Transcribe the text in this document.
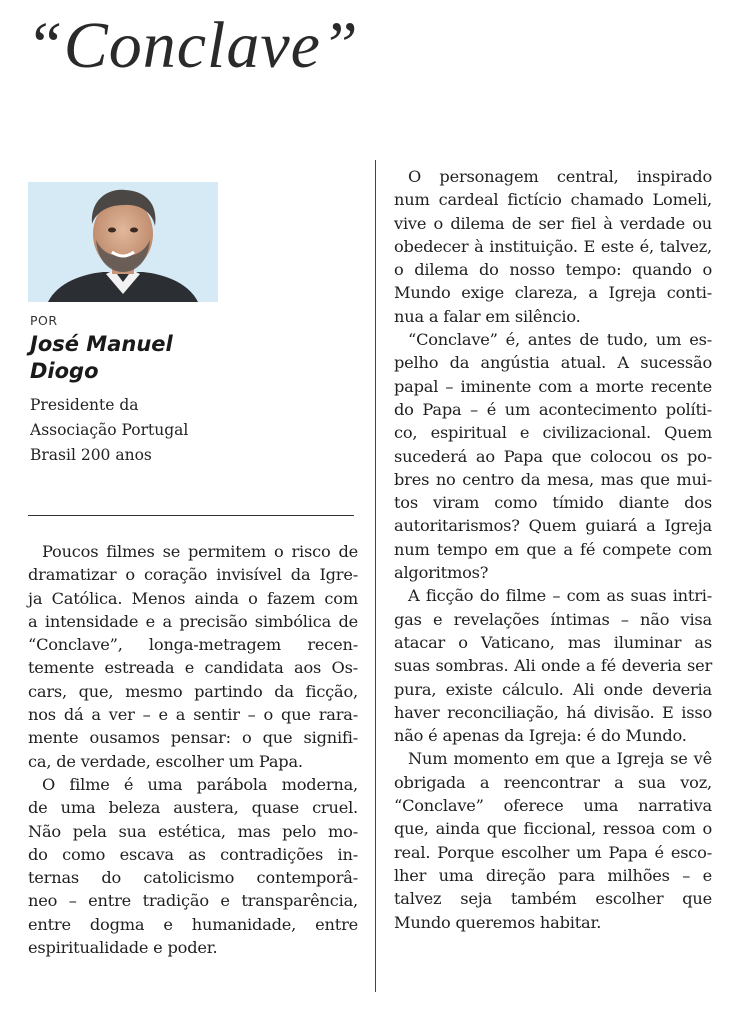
“Conclave”

POR

José Manuel
Diogo

Presidente da
Associação Portugal
Brasil 200 anos

Poucos filmes se permitem o risco de
dramatizar o coração invisível da Igre-
ja Católica. Menos ainda o fazem com
a intensidade e a precisão simbólica de
“Conclave”, longa-metragem recen-
temente estreada e candidata aos Os-
cars, que, mesmo partindo da ficção,
nos dá a ver – e a sentir – o que rara-
mente ousamos pensar: o que signifi-
ca, de verdade, escolher um Papa.
O filme é uma parábola moderna,
de uma beleza austera, quase cruel.
Não pela sua estética, mas pelo mo-
do como escava as contradições in-
ternas do catolicismo contemporâ-
neo – entre tradição e transparência,
entre dogma e humanidade, entre
espiritualidade e poder.
O personagem central, inspirado
num cardeal fictício chamado Lomeli,
vive o dilema de ser fiel à verdade ou
obedecer à instituição. E este é, talvez,
o dilema do nosso tempo: quando o
Mundo exige clareza, a Igreja conti-
nua a falar em silêncio.
“Conclave” é, antes de tudo, um es-
pelho da angústia atual. A sucessão
papal – iminente com a morte recente
do Papa – é um acontecimento políti-
co, espiritual e civilizacional. Quem
sucederá ao Papa que colocou os po-
bres no centro da mesa, mas que mui-
tos viram como tímido diante dos
autoritarismos? Quem guiará a Igreja
num tempo em que a fé compete com
algoritmos?
A ficção do filme – com as suas intri-
gas e revelações íntimas – não visa
atacar o Vaticano, mas iluminar as
suas sombras. Ali onde a fé deveria ser
pura, existe cálculo. Ali onde deveria
haver reconciliação, há divisão. E isso
não é apenas da Igreja: é do Mundo.
Num momento em que a Igreja se vê
obrigada a reencontrar a sua voz,
“Conclave” oferece uma narrativa
que, ainda que ficcional, ressoa com o
real. Porque escolher um Papa é esco-
lher uma direção para milhões – e
talvez seja também escolher que
Mundo queremos habitar.
